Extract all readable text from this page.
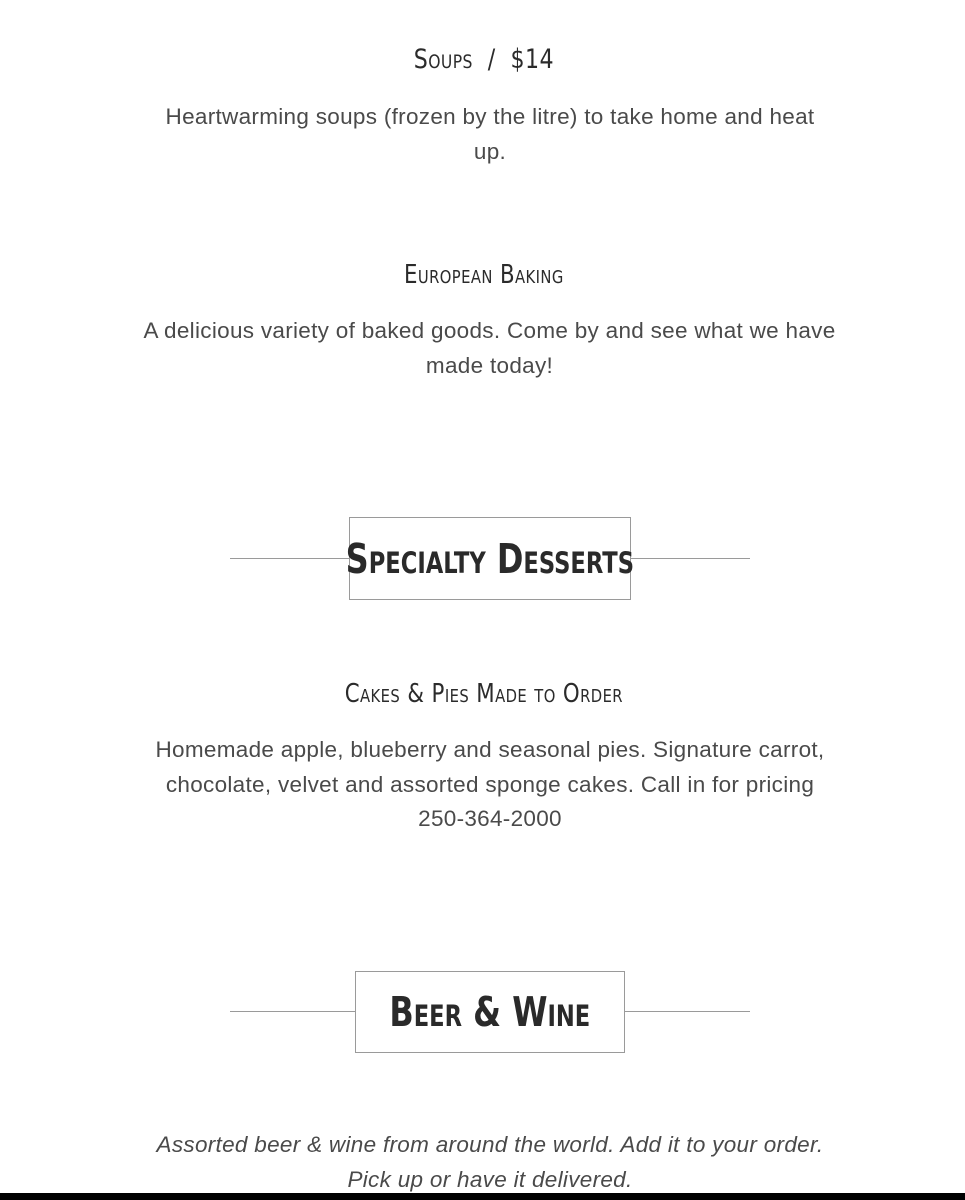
Soups  /  $14
Heartwarming soups (frozen by the litre) to take home and heat up.
European Baking
A delicious variety of baked goods. Come by and see what we have made today!
Specialty Desserts
Cakes & Pies Made to Order
Homemade apple, blueberry and seasonal pies. Signature carrot, chocolate, velvet and assorted sponge cakes. Call in for pricing 250-364-2000
Beer & Wine
Assorted beer & wine from around the world. Add it to your order. Pick up or have it delivered.
